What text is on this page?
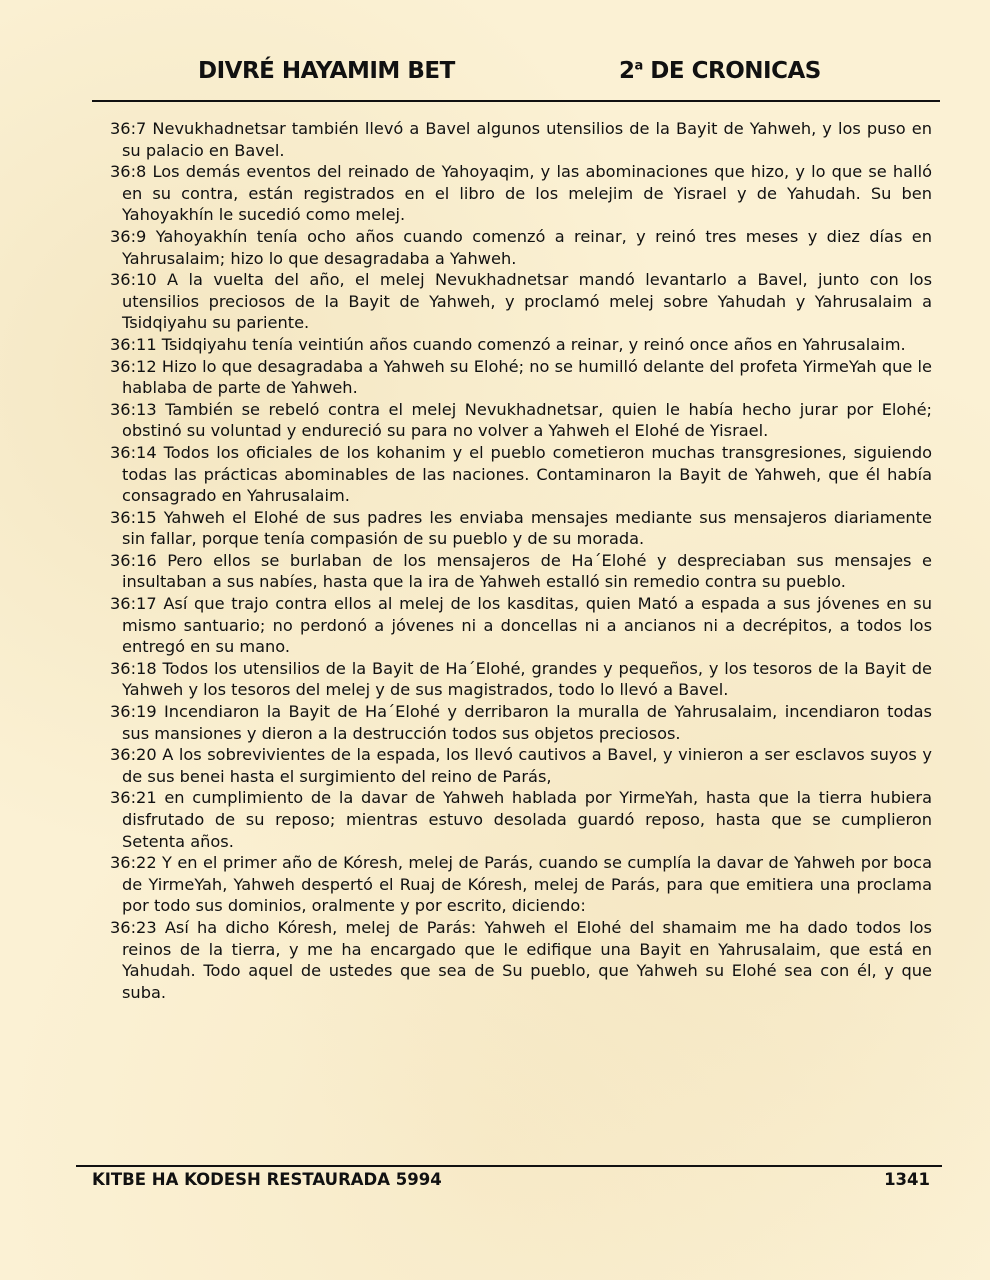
DIVRÉ HAYAMIM BET	2$^a$ DE CRONICAS

36:7 Nevukhadnetsar también llevó a Bavel algunos utensilios de la Bayit de Yahweh, y los puso en su palacio en Bavel.

36:8 Los demás eventos del reinado de Yahoyaqim, y las abominaciones que hizo, y lo que se halló en su contra, están registrados en el libro de los melejim de Yisrael y de Yahudah. Su ben Yahoyakhín le sucedió como melej.

36:9 Yahoyakhín tenía ocho años cuando comenzó a reinar, y reinó tres meses y diez días en Yahrusalaim; hizo lo que desagradaba a Yahweh.

36:10 A la vuelta del año, el melej Nevukhadnetsar mandó levantarlo a Bavel, junto con los utensilios preciosos de la Bayit de Yahweh, y proclamó melej sobre Yahudah y Yahrusalaim a Tsidqiyahu su pariente.

36:11 Tsidqiyahu tenía veintiún años cuando comenzó a reinar, y reinó once años en Yahrusalaim.

36:12 Hizo lo que desagradaba a Yahweh su Elohé; no se humilló delante del profeta YirmeYah que le hablaba de parte de Yahweh.

36:13 También se rebeló contra el melej Nevukhadnetsar, quien le había hecho jurar por Elohé; obstinó su voluntad y endureció su para no volver a Yahweh el Elohé de Yisrael.

36:14 Todos los oficiales de los kohanim y el pueblo cometieron muchas transgresiones, siguiendo todas las prácticas abominables de las naciones. Contaminaron la Bayit de Yahweh, que él había consagrado en Yahrusalaim.

36:15 Yahweh el Elohé de sus padres les enviaba mensajes mediante sus mensajeros diariamente sin fallar, porque tenía compasión de su pueblo y de su morada.

36:16 Pero ellos se burlaban de los mensajeros de Ha´Elohé y despreciaban sus mensajes e insultaban a sus nabíes, hasta que la ira de Yahweh estalló sin remedio contra su pueblo.

36:17 Así que trajo contra ellos al melej de los kasditas, quien Mató a espada a sus jóvenes en su mismo santuario; no perdonó a jóvenes ni a doncellas ni a ancianos ni a decrépitos, a todos los entregó en su mano.

36:18 Todos los utensilios de la Bayit de Ha´Elohé, grandes y pequeños, y los tesoros de la Bayit de Yahweh y los tesoros del melej y de sus magistrados, todo lo llevó a Bavel.

36:19 Incendiaron la Bayit de Ha´Elohé y derribaron la muralla de Yahrusalaim, incendiaron todas sus mansiones y dieron a la destrucción todos sus objetos preciosos.

36:20 A los sobrevivientes de la espada, los llevó cautivos a Bavel, y vinieron a ser esclavos suyos y de sus benei hasta el surgimiento del reino de Parás,

36:21 en cumplimiento de la davar de Yahweh hablada por YirmeYah, hasta que la tierra hubiera disfrutado de su reposo; mientras estuvo desolada guardó reposo, hasta que se cumplieron Setenta años.

36:22 Y en el primer año de Kóresh, melej de Parás, cuando se cumplía la davar de Yahweh por boca de YirmeYah, Yahweh despertó el Ruaj de Kóresh, melej de Parás, para que emitiera una proclama por todo sus dominios, oralmente y por escrito, diciendo:

36:23 Así ha dicho Kóresh, melej de Parás: Yahweh el Elohé del shamaim me ha dado todos los reinos de la tierra, y me ha encargado que le edifique una Bayit en Yahrusalaim, que está en Yahudah. Todo aquel de ustedes que sea de Su pueblo, que Yahweh su Elohé sea con él, y que suba.

KITBE HA KODESH RESTAURADA 5994	1341
